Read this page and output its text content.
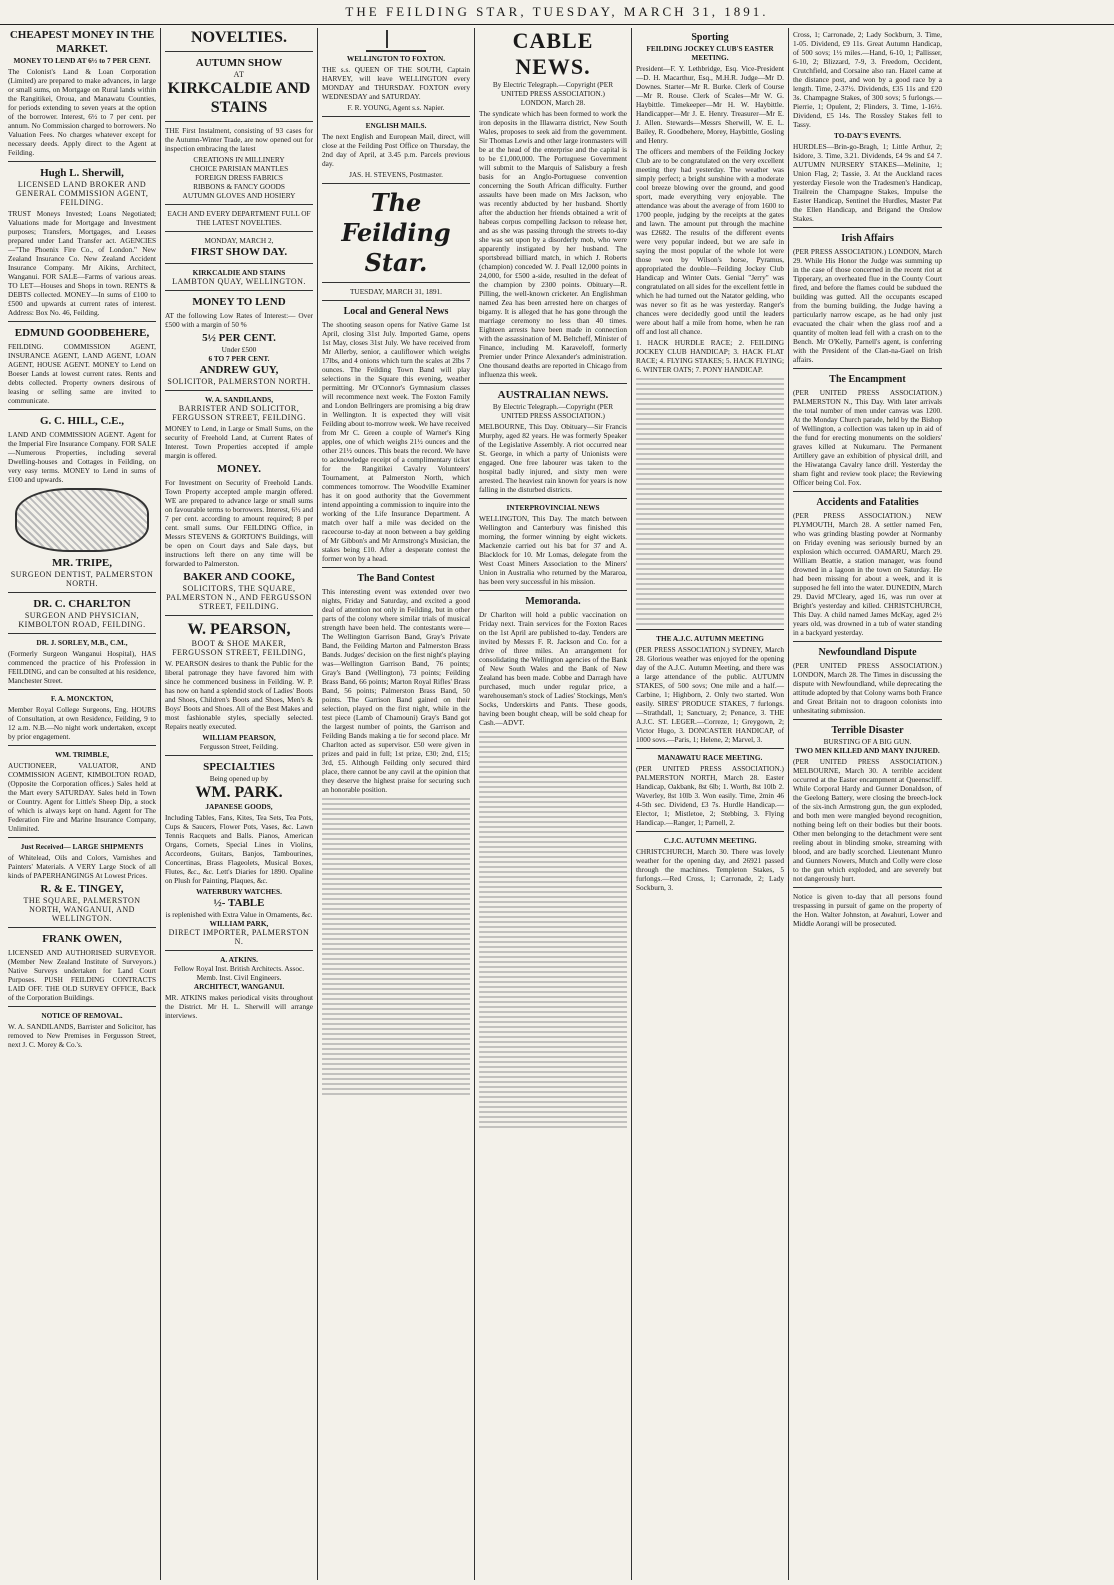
THE FEILDING STAR, TUESDAY, MARCH 31, 1891.
CHEAPEST MONEY IN THE MARKET.
MONEY TO LEND AT 6½ to 7 PER CENT.

The Colonist's Land & Loan Corporation (Limited) are prepared to make advances, in large or small sums, on Mortgage on Rural lands within the Rangitikei, Oroua, and Manawatu Counties, for periods extending to seven years at the option of the borrower. Interest, 6½ to 7 per cent. per annum. No Commission charged to borrowers. No Valuation Fees. No charges whatever except for necessary deeds. Apply direct to the Agent at Feilding.

Hugh L. Sherwill,
LICENSED LAND BROKER AND GENERAL COMMISSION AGENT, FEILDING.

TRUST Moneys Invested; Loans Negotiated; Valuations made for Mortgage and Investment purposes; Transfers, Mortgages, and Leases prepared under Land Transfer act. AGENCIES—"The Phoenix Fire Co., of London." New Zealand Insurance Co. New Zealand Accident Insurance Company. Mr Aikins, Architect, Wanganui. FOR SALE—Farms of various areas. TO LET—Houses and Shops in town. RENTS & DEBTS collected. MONEY—In sums of £100 to £500 and upwards at current rates of interest. Address: Box No. 46, Feilding.

EDMUND GOODBEHERE,

FEILDING. COMMISSION AGENT, INSURANCE AGENT, LAND AGENT, LOAN AGENT, HOUSE AGENT. MONEY to Lend on Boeser Lands at lowest current rates. Rents and debts collected. Property owners desirous of leasing or selling same are invited to communicate.

G. C. HILL, C.E.,

LAND AND COMMISSION AGENT. Agent for the Imperial Fire Insurance Company. FOR SALE—Numerous Properties, including several Dwelling-houses and Cottages in Feilding, on very easy terms. MONEY to Lend in sums of £100 and upwards.

MR. TRIPE,
SURGEON DENTIST, PALMERSTON NORTH.
DR. C. CHARLTON
SURGEON AND PHYSICIAN, KIMBOLTON ROAD, FEILDING.
DR. J. SORLEY, M.B., C.M.,

(Formerly Surgeon Wanganui Hospital), HAS commenced the practice of his Profession in FEILDING, and can be consulted at his residence, Manchester Street.

F. A. MONCKTON,

Member Royal College Surgeons, Eng. HOURS of Consultation, at own Residence, Feilding, 9 to 12 a.m. N.B.—No night work undertaken, except by prior engagement.

WM. TRIMBLE,

AUCTIONEER, VALUATOR, AND COMMISSION AGENT, KIMBOLTON ROAD, (Opposite the Corporation offices.) Sales held at the Mart every SATURDAY. Sales held in Town or Country. Agent for Little's Sheep Dip, a stock of which is always kept on hand. Agent for The Federation Fire and Marine Insurance Company, Unlimited.

Just Received— LARGE SHIPMENTS

of Whitelead, Oils and Colors, Varnishes and Painters' Materials. A VERY Large Stock of all kinds of PAPERHANGINGS At Lowest Prices.

R. & E. TINGEY,
THE SQUARE, PALMERSTON NORTH, WANGANUI, AND WELLINGTON.
FRANK OWEN,

LICENSED AND AUTHORISED SURVEYOR. (Member New Zealand Institute of Surveyors.) Native Surveys undertaken for Land Court Purposes. PUSH FEILDING CONTRACTS LAID OFF. THE OLD SURVEY OFFICE, Back of the Corporation Buildings.

NOTICE OF REMOVAL.

W. A. SANDILANDS, Barrister and Solicitor, has removed to New Premises in Fergusson Street, next J. C. Morey & Co.'s.

NOVELTIES.
AUTUMN SHOW
AT
KIRKCALDIE AND STAINS

THE First Instalment, consisting of 93 cases for the Autumn-Winter Trade, are now opened out for inspection embracing the latest

CREATIONS IN MILLINERY
CHOICE PARISIAN MANTLES
FOREIGN DRESS FABRICS
RIBBONS & FANCY GOODS
AUTUMN GLOVES AND HOSIERY
EACH AND EVERY DEPARTMENT FULL OF THE LATEST NOVELTIES.
MONDAY, MARCH 2,
FIRST SHOW DAY.
KIRKCALDIE AND STAINS
LAMBTON QUAY, WELLINGTON.
MONEY TO LEND

AT the following Low Rates of Interest:— Over £500 with a margin of 50 %

5½ PER CENT.
Under £500
6 TO 7 PER CENT.
ANDREW GUY,
SOLICITOR, PALMERSTON NORTH.
W. A. SANDILANDS,
BARRISTER AND SOLICITOR, FERGUSSON STREET, FEILDING.

MONEY to Lend, in Large or Small Sums, on the security of Freehold Land, at Current Rates of Interest. Town Properties accepted if ample margin is offered.

MONEY.

For Investment on Security of Freehold Lands. Town Property accepted ample margin offered. WE are prepared to advance large or small sums on favourable terms to borrowers. Interest, 6½ and 7 per cent. according to amount required; 8 per cent. small sums. Our FEILDING Office, in Messrs STEVENS & GORTON'S Buildings, will be open on Court days and Sale days, but instructions left there on any time will be forwarded to Palmerston.

BAKER AND COOKE,
SOLICITORS, THE SQUARE, PALMERSTON N., AND FERGUSSON STREET, FEILDING.
W. PEARSON,
BOOT & SHOE MAKER, FERGUSSON STREET, FEILDING,

W. PEARSON desires to thank the Public for the liberal patronage they have favored him with since he commenced business in Feilding. W. P. has now on hand a splendid stock of Ladies' Boots and Shoes, Children's Boots and Shoes, Men's & Boys' Boots and Shoes. All of the Best Makes and most fashionable styles, specially selected. Repairs neatly executed.

WILLIAM PEARSON,
Fergusson Street, Feilding.
SPECIALTIES
Being opened up by
WM. PARK.
JAPANESE GOODS,

Including Tables, Fans, Kites, Tea Sets, Tea Pots, Cups & Saucers, Flower Pots, Vases, &c. Lawn Tennis Racquets and Balls. Pianos, American Organs, Cornets, Special Lines in Violins, Accordeons, Guitars, Banjos, Tambourines, Concertinas, Brass Flageolets, Musical Boxes, Flutes, &c., &c. Lett's Diaries for 1890. Opaline on Plush for Painting, Plaques, &c.

WATERBURY WATCHES.
½- TABLE
is replenished with Extra Value in Ornaments, &c.
WILLIAM PARK,
DIRECT IMPORTER, PALMERSTON N.
A. ATKINS.
Fellow Royal Inst. British Architects. Assoc. Memb. Inst. Civil Engineers.
ARCHITECT, WANGANUI.

MR. ATKINS makes periodical visits throughout the District. Mr H. L. Sherwill will arrange interviews.

WELLINGTON TO FOXTON.

THE s.s. QUEEN OF THE SOUTH, Captain HARVEY, will leave WELLINGTON every MONDAY and THURSDAY. FOXTON every WEDNESDAY and SATURDAY.

F. R. YOUNG, Agent s.s. Napier.
ENGLISH MAILS.

The next English and European Mail, direct, will close at the Feilding Post Office on Thursday, the 2nd day of April, at 3.45 p.m. Parcels previous day.

JAS. H. STEVENS, Postmaster.
The Feilding Star.
TUESDAY, MARCH 31, 1891.
Local and General News

The shooting season opens for Native Game 1st April, closing 31st July. Imported Game, opens 1st May, closes 31st July. We have received from Mr Allerby, senior, a cauliflower which weighs 17lbs, and 4 onions which turn the scales at 2lbs 7 ounces. The Feilding Town Band will play selections in the Square this evening, weather permitting. Mr O'Connor's Gymnasium classes will recommence next week. The Foxton Family and London Bellringers are promising a big draw in Wellington. It is expected they will visit Feilding about to-morrow week. We have received from Mr C. Green a couple of Warner's King apples, one of which weighs 21½ ounces and the other 21½ ounces. This beats the record. We have to acknowledge receipt of a complimentary ticket for the Rangitikei Cavalry Volunteers' Tournament, at Palmerston North, which commences tomorrow. The Woodville Examiner has it on good authority that the Government intend appointing a commission to inquire into the working of the Life Insurance Department. A match over half a mile was decided on the racecourse to-day at noon between a bay gelding of Mr Gibbon's and Mr Armstrong's Musician, the stakes being £10. After a desperate contest the former won by a head.

The Band Contest

This interesting event was extended over two nights, Friday and Saturday, and excited a good deal of attention not only in Feilding, but in other parts of the colony where similar trials of musical strength have been held. The contestants were—The Wellington Garrison Band, Gray's Private Band, the Feilding Marton and Palmerston Brass Bands. Judges' decision on the first night's playing was—Wellington Garrison Band, 76 points; Gray's Band (Wellington), 73 points; Feilding Brass Band, 66 points; Marton Royal Rifles' Brass Band, 56 points; Palmerston Brass Band, 50 points. The Garrison Band gained on their selection, played on the first night, while in the test piece (Lamb of Chamouni) Gray's Band got the largest number of points, the Garrison and Feilding Bands making a tie for second place. Mr Charlton acted as supervisor. £50 were given in prizes and paid in full; 1st prize, £30; 2nd, £15; 3rd, £5. Although Feilding only secured third place, there cannot be any cavil at the opinion that they deserve the highest praise for securing such an honorable position.

CABLE NEWS.
By Electric Telegraph.—Copyright (PER UNITED PRESS ASSOCIATION.)
LONDON, March 28.

The syndicate which has been formed to work the iron deposits in the Illawarra district, New South Wales, proposes to seek aid from the government. Sir Thomas Lewis and other large ironmasters will be at the head of the enterprise and the capital is to be £1,000,000. The Portuguese Government will submit to the Marquis of Salisbury a fresh basis for an Anglo-Portuguese convention concerning the South African difficulty. Further assaults have been made on Mrs Jackson, who was recently abducted by her husband. Shortly after the abduction her friends obtained a writ of habeas corpus compelling Jackson to release her, and as she was passing through the streets to-day she was set upon by a disorderly mob, who were apparently instigated by her husband. The sportsbread billiard match, in which J. Roberts (champion) conceded W. J. Peall 12,000 points in 24,000, for £500 a-side, resulted in the defeat of the champion by 2300 points. Obituary—R. Pilling, the well-known cricketer. An Englishman named Zea has been arrested here on charges of bigamy. It is alleged that he has gone through the marriage ceremony no less than 40 times. Eighteen arrests have been made in connection with the assassination of M. Beltcheff, Minister of Finance, including M. Karaveloff, formerly Premier under Prince Alexander's administration. One thousand deaths are reported in Chicago from influenza this week.

AUSTRALIAN NEWS.
By Electric Telegraph.—Copyright (PER UNITED PRESS ASSOCIATION.)

MELBOURNE, This Day. Obituary—Sir Francis Murphy, aged 82 years. He was formerly Speaker of the Legislative Assembly. A riot occurred near St. George, in which a party of Unionists were engaged. One free labourer was taken to the hospital badly injured, and sixty men were arrested. The heaviest rain known for years is now falling in the disturbed districts.

INTERPROVINCIAL NEWS

WELLINGTON, This Day. The match between Wellington and Canterbury was finished this morning, the former winning by eight wickets. Mackenzie carried out his bat for 37 and A. Blacklock for 10. Mr Lomas, delegate from the West Coast Miners Association to the Miners' Union in Australia who returned by the Mararoa, has been very successful in his mission.

Memoranda.

Dr Charlton will hold a public vaccination on Friday next. Train services for the Foxton Races on the 1st April are published to-day. Tenders are invited by Messrs F. R. Jackson and Co. for a drive of three miles. An arrangement for consolidating the Wellington agencies of the Bank of New South Wales and the Bank of New Zealand has been made. Cobbe and Darragh have purchased, much under regular price, a warehouseman's stock of Ladies' Stockings, Men's Socks, Underskirts and Pants. These goods, having been bought cheap, will be sold cheap for Cash.—ADVT.

Sporting
FEILDING JOCKEY CLUB'S EASTER MEETING.

President—F. Y. Lethbridge, Esq. Vice-President—D. H. Macarthur, Esq., M.H.R. Judge—Mr D. Downes. Starter—Mr R. Burke. Clerk of Course—Mr R. Rouse. Clerk of Scales—Mr W. G. Haybittle. Timekeeper—Mr H. W. Haybittle. Handicapper—Mr J. E. Henry. Treasurer—Mr E. J. Allen. Stewards—Messrs Sherwill, W. E. L. Bailey, R. Goodbehere, Morey, Haybittle, Gosling and Henry.

The officers and members of the Feilding Jockey Club are to be congratulated on the very excellent meeting they had yesterday. The weather was simply perfect; a bright sunshine with a moderate cool breeze blowing over the ground, and good sport, made everything very enjoyable. The attendance was about the average of from 1600 to 1700 people, judging by the receipts at the gates and lawn. The amount put through the machine was £2682. The results of the different events were very popular indeed, but we are safe in saying the most popular of the whole lot were those won by Wilson's horse, Pyramus, appropriated the double—Feilding Jockey Club Handicap and Winter Oats. Genial "Jerry" was congratulated on all sides for the excellent fettle in which he had turned out the Natator gelding, who was never so fit as he was yesterday. Ranger's chances were decidedly good until the leaders were about half a mile from home, when he ran off and lost all chance.

1. HACK HURDLE RACE; 2. FEILDING JOCKEY CLUB HANDICAP; 3. HACK FLAT RACE; 4. FLYING STAKES; 5. HACK FLYING; 6. WINTER OATS; 7. PONY HANDICAP.

THE A.J.C. AUTUMN MEETING

(PER PRESS ASSOCIATION.) SYDNEY, March 28. Glorious weather was enjoyed for the opening day of the A.J.C. Autumn Meeting, and there was a large attendance of the public. AUTUMN STAKES, of 500 sovs; One mile and a half.—Carbine, 1; Highborn, 2. Only two started. Won easily. SIRES' PRODUCE STAKES, 7 furlongs.—Strathdall, 1; Sanctuary, 2; Penance, 3. THE A.J.C. ST. LEGER.—Correze, 1; Greygown, 2; Victor Hugo, 3. DONCASTER HANDICAP, of 1000 sovs.—Paris, 1; Helene, 2; Marvel, 3.

MANAWATU RACE MEETING.

(PER UNITED PRESS ASSOCIATION.) PALMERSTON NORTH, March 28. Easter Handicap, Oakbank, 8st 6lb; 1. Worth, 8st 10lb 2. Waverley, 8st 10lb 3. Won easily. Time, 2min 46 4-5th sec. Dividend, £3 7s. Hurdle Handicap.—Elector, 1; Mistletoe, 2; Stebbing, 3. Flying Handicap.—Ranger, 1; Parnell, 2.

C.J.C. AUTUMN MEETING.

CHRISTCHURCH, March 30. There was lovely weather for the opening day, and 26921 passed through the machines. Templeton Stakes, 5 furlongs.—Red Cross, 1; Carronade, 2; Lady Sockburn, 3.

Cross, 1; Carronade, 2; Lady Sockburn, 3. Time, 1-05. Dividend, £9 11s. Great Autumn Handicap, of 500 sovs; 1½ miles.—Hand, 6-10, 1; Pallisser, 6-10, 2; Blizzard, 7-9, 3. Freedom, Occident, Crutchfield, and Corsaine also ran. Hazel came at the distance post, and won by a good race by a length. Time, 2-37½. Dividends, £35 11s and £20 3s. Champagne Stakes, of 300 sovs; 5 furlongs.—Pierrie, 1; Opulent, 2; Flinders, 3. Time, 1-16½. Dividend, £5 14s. The Rossley Stakes fell to Tassy.

TO-DAY'S EVENTS.

HURDLES—Brin-go-Bragh, 1; Little Arthur, 2; Isidore, 3. Time, 3.21. Dividends, £4 9s and £4 7. AUTUMN NURSERY STAKES—Melinite, 1; Union Flag, 2; Tassie, 3. At the Auckland races yesterday Fiesole won the Tradesmen's Handicap, Trailrein the Champagne Stakes, Impulse the Easter Handicap, Sentinel the Hurdles, Master Pat the Ellen Handicap, and Brigand the Onslow Stakes.

Irish Affairs

(PER PRESS ASSOCIATION.) LONDON, March 29. While His Honor the Judge was summing up in the case of those concerned in the recent riot at Tipperary, an overheated flue in the County Court fired, and before the flames could be subdued the building was gutted. All the occupants escaped from the burning building, the Judge having a particularly narrow escape, as he had only just evacuated the chair when the glass roof and a quantity of molten lead fell with a crash on to the Bench. Mr O'Kelly, Parnell's agent, is conferring with the President of the Clan-na-Gael on Irish affairs.

The Encampment

(PER UNITED PRESS ASSOCIATION.) PALMERSTON N., This Day. With later arrivals the total number of men under canvas was 1200. At the Monday Church parade, held by the Bishop of Wellington, a collection was taken up in aid of the fund for erecting monuments on the soldiers' graves killed at Nukumaru. The Permanent Artillery gave an exhibition of physical drill, and the Hiwatanga Cavalry lance drill. Yesterday the sham fight and review took place; the Reviewing Officer being Col. Fox.

Accidents and Fatalities

(PER PRESS ASSOCIATION.) NEW PLYMOUTH, March 28. A settler named Fen, who was grinding blasting powder at Normanby on Friday evening was seriously burned by an explosion which occurred. OAMARU, March 29. William Beattie, a station manager, was found drowned in a lagoon in the town on Saturday. He had been missing for about a week, and it is supposed he fell into the water. DUNEDIN, March 29. David M'Cleary, aged 16, was run over at Bright's yesterday and killed. CHRISTCHURCH, This Day. A child named James McKay, aged 2½ years old, was drowned in a tub of water standing in a backyard yesterday.

Newfoundland Dispute

(PER UNITED PRESS ASSOCIATION.) LONDON, March 28. The Times in discussing the dispute with Newfoundland, while deprecating the attitude adopted by that Colony warns both France and Great Britain not to dragoon colonists into unhesitating submission.

Terrible Disaster
BURSTING OF A BIG GUN.
TWO MEN KILLED AND MANY INJURED.

(PER UNITED PRESS ASSOCIATION.) MELBOURNE, March 30. A terrible accident occurred at the Easter encampment at Queenscliff. While Corporal Hardy and Gunner Donaldson, of the Geelong Battery, were closing the breech-lock of the six-inch Armstrong gun, the gun exploded, and both men were mangled beyond recognition, nothing being left on their bodies but their boots. Other men belonging to the detachment were sent reeling about in blinding smoke, streaming with blood, and are badly scorched. Lieutenant Munro and Gunners Nowers, Mutch and Colly were close to the gun which exploded, and are severely but not dangerously hurt.

Notice is given to-day that all persons found trespassing in pursuit of game on the property of the Hon. Walter Johnston, at Awahuri, Lower and Middle Aorangi will be prosecuted.
